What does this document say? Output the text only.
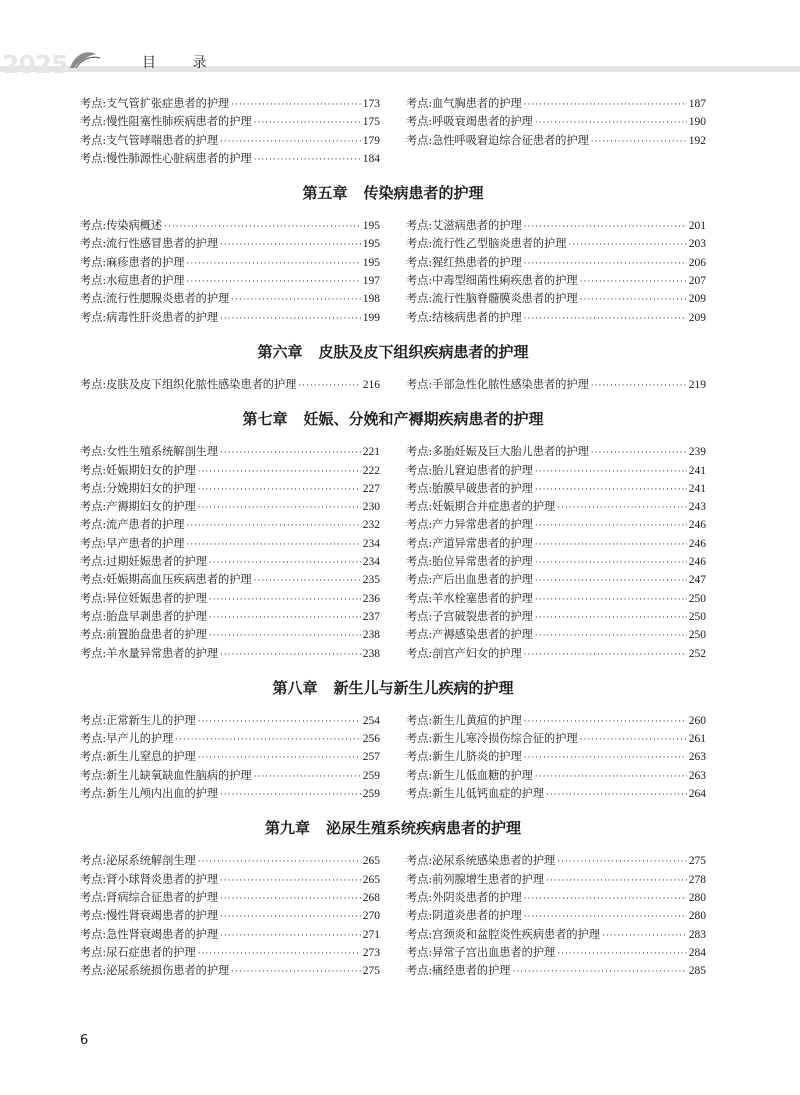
2025	目 录
考点:支气管扩张症患者的护理 ·····	173
考点:慢性阻塞性肺疾病患者的护理 ·····	175
考点:支气管哮喘患者的护理 ·····	179
考点:慢性肺源性心脏病患者的护理 ·····	184
考点:血气胸患者的护理 ·····	187
考点:呼吸衰竭患者的护理 ·····	190
考点:急性呼吸窘迫综合征患者的护理 ·····	192
第五章 传染病患者的护理
考点:传染病概述 ·····	195
考点:流行性感冒患者的护理 ·····	195
考点:麻疹患者的护理 ·····	195
考点:水痘患者的护理 ·····	197
考点:流行性腮腺炎患者的护理 ·····	198
考点:病毒性肝炎患者的护理 ·····	199
考点:艾滋病患者的护理 ·····	201
考点:流行性乙型脑炎患者的护理 ·····	203
考点:猩红热患者的护理 ·····	206
考点:中毒型细菌性痢疾患者的护理 ·····	207
考点:流行性脑脊髓膜炎患者的护理 ·····	209
考点:结核病患者的护理 ·····	209
第六章 皮肤及皮下组织疾病患者的护理
考点:皮肤及皮下组织化脓性感染患者的护理 ·····	216 考点:手部急性化脓性感染患者的护理 ·····	219
第七章 妊娠、分娩和产褥期疾病患者的护理
考点:女性生殖系统解剖生理 ·····	221
考点:妊娠期妇女的护理 ·····	222
考点:分娩期妇女的护理 ·····	227
考点:产褥期妇女的护理 ·····	230
考点:流产患者的护理 ·····	232
考点:早产患者的护理 ·····	234
考点:过期妊娠患者的护理 ·····	234
考点:妊娠期高血压疾病患者的护理 ·····	235
考点:异位妊娠患者的护理 ·····	236
考点:胎盘早剥患者的护理 ·····	237
考点:前置胎盘患者的护理 ·····	238
考点:羊水量异常患者的护理 ·····	238
考点:多胎妊娠及巨大胎儿患者的护理 ·····	239
考点:胎儿窘迫患者的护理 ·····	241
考点:胎膜早破患者的护理 ·····	241
考点:妊娠期合并症患者的护理 ·····	243
考点:产力异常患者的护理 ·····	246
考点:产道异常患者的护理 ·····	246
考点:胎位异常患者的护理 ·····	246
考点:产后出血患者的护理 ·····	247
考点:羊水栓塞患者的护理 ·····	250
考点:子宫破裂患者的护理 ·····	250
考点:产褥感染患者的护理 ·····	250
考点:剖宫产妇女的护理 ·····	252
第八章 新生儿与新生儿疾病的护理
考点:正常新生儿的护理 ·····	254
考点:早产儿的护理 ·····	256
考点:新生儿窒息的护理 ·····	257
考点:新生儿缺氧缺血性脑病的护理 ·····	259
考点:新生儿颅内出血的护理 ·····	259
考点:新生儿黄疸的护理 ·····	260
考点:新生儿寒冷损伤综合征的护理 ·····	261
考点:新生儿脐炎的护理 ·····	263
考点:新生儿低血糖的护理 ·····	263
考点:新生儿低钙血症的护理 ·····	264
第九章 泌尿生殖系统疾病患者的护理
考点:泌尿系统解剖生理 ·····	265
考点:肾小球肾炎患者的护理 ·····	265
考点:肾病综合征患者的护理 ·····	268
考点:慢性肾衰竭患者的护理 ·····	270
考点:急性肾衰竭患者的护理 ·····	271
考点:尿石症患者的护理 ·····	273
考点:泌尿系统损伤患者的护理 ·····	275
考点:泌尿系统感染患者的护理 ·····	275
考点:前列腺增生患者的护理 ·····	278
考点:外阴炎患者的护理 ·····	280
考点:阴道炎患者的护理 ·····	280
考点:宫颈炎和盆腔炎性疾病患者的护理 ·····	283
考点:异常子宫出血患者的护理 ·····	284
考点:痛经患者的护理 ·····	285
6
